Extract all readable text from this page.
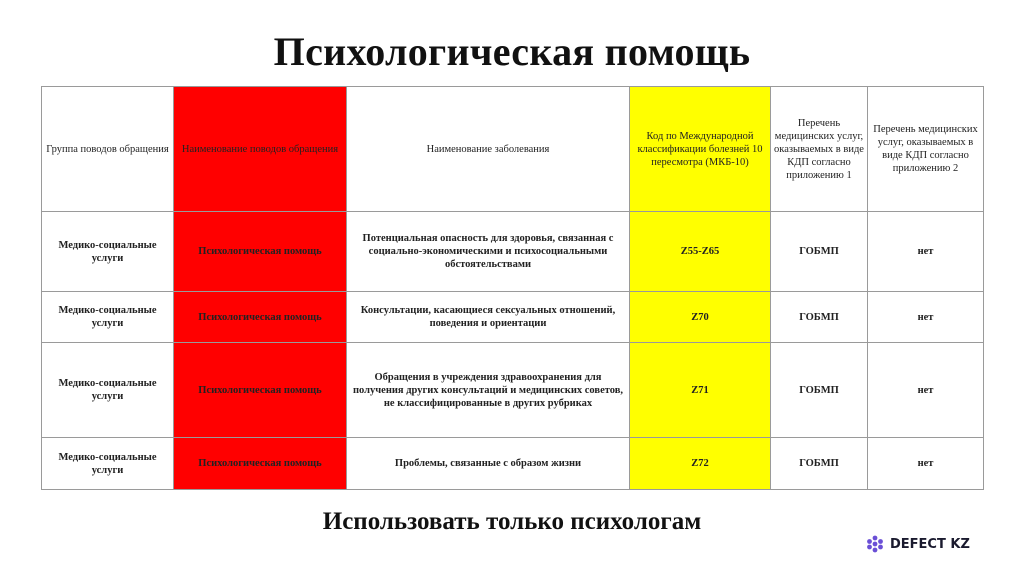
Психологическая помощь
Группа поводов обращения	Наименование поводов обращения	Наименование заболевания	Код по Международной классификации болезней 10 пересмотра (МКБ-10)	Перечень медицинских услуг, оказываемых в виде КДП согласно приложению 1	Перечень медицинских услуг, оказываемых в виде КДП согласно приложению 2
Медико-социальные услуги	Психологическая помощь	Потенциальная опасность для здоровья, связанная с социально-экономическими и психосоциальными обстоятельствами	Z55-Z65	ГОБМП	нет
Медико-социальные услуги	Психологическая помощь	Консультации, касающиеся сексуальных отношений, поведения и ориентации	Z70	ГОБМП	нет
Медико-социальные услуги	Психологическая помощь	Обращения в учреждения здравоохранения для получения других консультаций и медицинских советов, не классифицированные в других рубриках	Z71	ГОБМП	нет
Медико-социальные услуги	Психологическая помощь	Проблемы, связанные с образом жизни	Z72	ГОБМП	нет
Использовать только психологам
DEFECT KZ
